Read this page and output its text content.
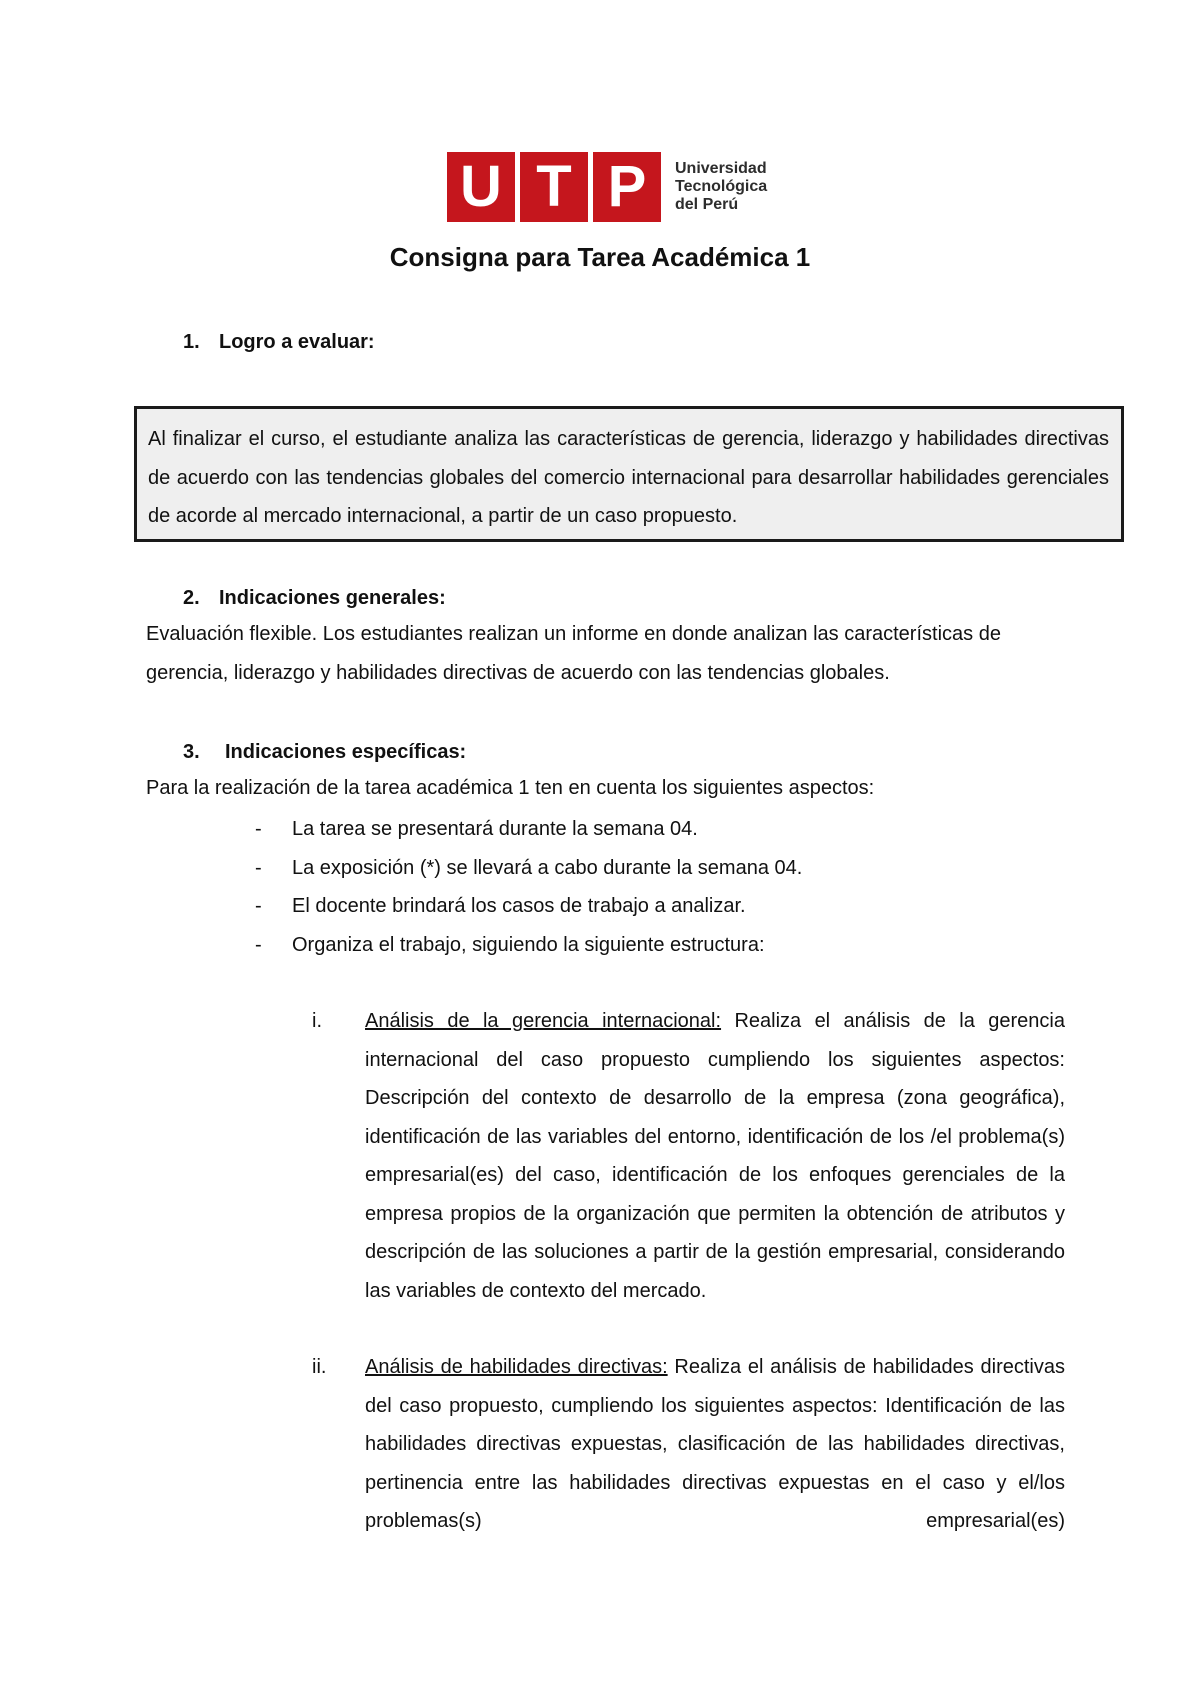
U T P	Universidad
Tecnológica
del Perú
Consigna para Tarea Académica 1
1. Logro a evaluar:
Al finalizar el curso, el estudiante analiza las características de gerencia, liderazgo y habilidades directivas de acuerdo con las tendencias globales del comercio internacional para desarrollar habilidades gerenciales de acorde al mercado internacional, a partir de un caso propuesto.
2. Indicaciones generales:

Evaluación flexible. Los estudiantes realizan un informe en donde analizan las características de gerencia, liderazgo y habilidades directivas de acuerdo con las tendencias globales.

3. Indicaciones específicas:

Para la realización de la tarea académica 1 ten en cuenta los siguientes aspectos:

- La tarea se presentará durante la semana 04.
- La exposición (*) se llevará a cabo durante la semana 04.
- El docente brindará los casos de trabajo a analizar.
- Organiza el trabajo, siguiendo la siguiente estructura:
i. Análisis de la gerencia internacional: Realiza el análisis de la gerencia internacional del caso propuesto cumpliendo los siguientes aspectos: Descripción del contexto de desarrollo de la empresa (zona geográfica), identificación de las variables del entorno, identificación de los /el problema(s) empresarial(es) del caso, identificación de los enfoques gerenciales de la empresa propios de la organización que permiten la obtención de atributos y descripción de las soluciones a partir de la gestión empresarial, considerando las variables de contexto del mercado.
ii. Análisis de habilidades directivas: Realiza el análisis de habilidades directivas del caso propuesto, cumpliendo los siguientes aspectos: Identificación de las habilidades directivas expuestas, clasificación de las habilidades directivas, pertinencia entre las habilidades directivas expuestas en el caso y el/los problemas(s) empresarial(es)
